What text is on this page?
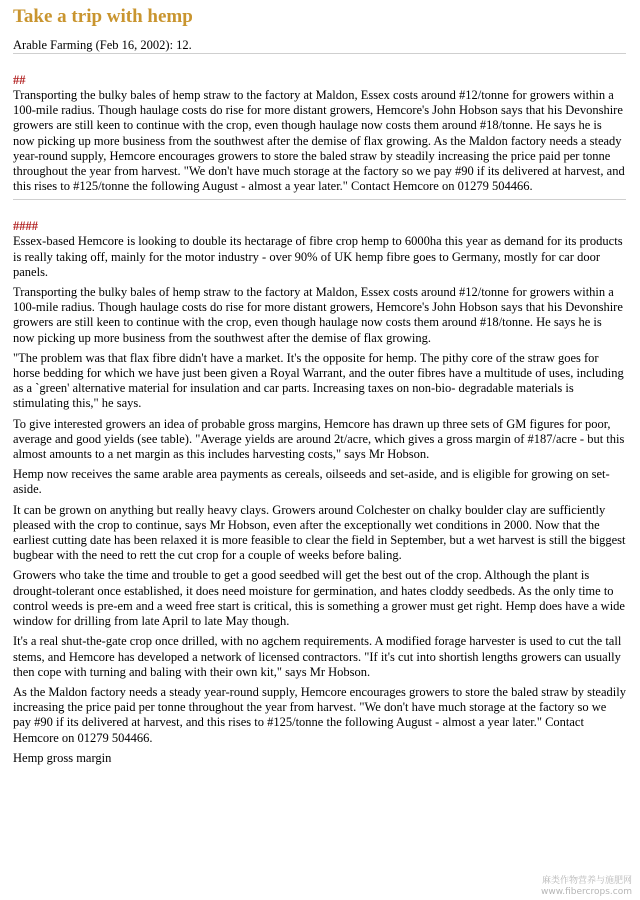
Take a trip with hemp
Arable Farming (Feb 16, 2002): 12.
##

Transporting the bulky bales of hemp straw to the factory at Maldon, Essex costs around #12/tonne for growers within a 100-mile radius. Though haulage costs do rise for more distant growers, Hemcore's John Hobson says that his Devonshire growers are still keen to continue with the crop, even though haulage now costs them around #18/tonne. He says he is now picking up more business from the southwest after the demise of flax growing. As the Maldon factory needs a steady year-round supply, Hemcore encourages growers to store the baled straw by steadily increasing the price paid per tonne throughout the year from harvest. "We don't have much storage at the factory so we pay #90 if its delivered at harvest, and this rises to #125/tonne the following August - almost a year later." Contact Hemcore on 01279 504466.

####

Essex-based Hemcore is looking to double its hectarage of fibre crop hemp to 6000ha this year as demand for its products is really taking off, mainly for the motor industry - over 90% of UK hemp fibre goes to Germany, mostly for car door panels.

Transporting the bulky bales of hemp straw to the factory at Maldon, Essex costs around #12/tonne for growers within a 100-mile radius. Though haulage costs do rise for more distant growers, Hemcore's John Hobson says that his Devonshire growers are still keen to continue with the crop, even though haulage now costs them around #18/tonne. He says he is now picking up more business from the southwest after the demise of flax growing.

"The problem was that flax fibre didn't have a market. It's the opposite for hemp. The pithy core of the straw goes for horse bedding for which we have just been given a Royal Warrant, and the outer fibres have a multitude of uses, including as a `green' alternative material for insulation and car parts. Increasing taxes on non-bio- degradable materials is stimulating this," he says.

To give interested growers an idea of probable gross margins, Hemcore has drawn up three sets of GM figures for poor, average and good yields (see table). "Average yields are around 2t/acre, which gives a gross margin of #187/acre - but this almost amounts to a net margin as this includes harvesting costs," says Mr Hobson.

Hemp now receives the same arable area payments as cereals, oilseeds and set-aside, and is eligible for growing on set-aside.

It can be grown on anything but really heavy clays. Growers around Colchester on chalky boulder clay are sufficiently pleased with the crop to continue, says Mr Hobson, even after the exceptionally wet conditions in 2000. Now that the earliest cutting date has been relaxed it is more feasible to clear the field in September, but a wet harvest is still the biggest bugbear with the need to rett the cut crop for a couple of weeks before baling.

Growers who take the time and trouble to get a good seedbed will get the best out of the crop. Although the plant is drought-tolerant once established, it does need moisture for germination, and hates cloddy seedbeds. As the only time to control weeds is pre-em and a weed free start is critical, this is something a grower must get right. Hemp does have a wide window for drilling from late April to late May though.

It's a real shut-the-gate crop once drilled, with no agchem requirements. A modified forage harvester is used to cut the tall stems, and Hemcore has developed a network of licensed contractors. "If it's cut into shortish lengths growers can usually then cope with turning and baling with their own kit," says Mr Hobson.

As the Maldon factory needs a steady year-round supply, Hemcore encourages growers to store the baled straw by steadily increasing the price paid per tonne throughout the year from harvest. "We don't have much storage at the factory so we pay #90 if its delivered at harvest, and this rises to #125/tonne the following August - almost a year later." Contact Hemcore on 01279 504466.

Hemp gross margin
麻类作物营养与施肥网
www.fibercrops.com
